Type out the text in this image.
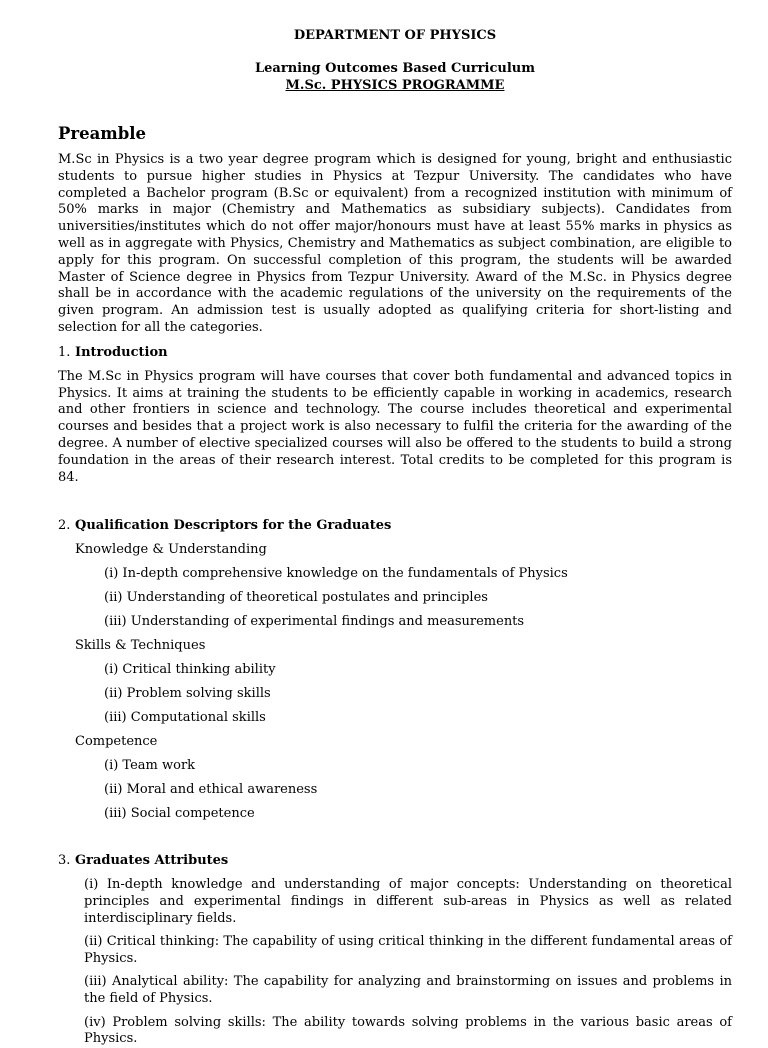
DEPARTMENT OF PHYSICS
Learning Outcomes Based Curriculum
M.Sc. PHYSICS PROGRAMME
Preamble
M.Sc in Physics is a two year degree program which is designed for young, bright and enthusiastic students to pursue higher studies in Physics at Tezpur University. The candidates who have completed a Bachelor program (B.Sc or equivalent) from a recognized institution with minimum of 50% marks in major (Chemistry and Mathematics as subsidiary subjects). Candidates from universities/institutes which do not offer major/honours must have at least 55% marks in physics as well as in aggregate with Physics, Chemistry and Mathematics as subject combination, are eligible to apply for this program. On successful completion of this program, the students will be awarded Master of Science degree in Physics from Tezpur University. Award of the M.Sc. in Physics degree shall be in accordance with the academic regulations of the university on the requirements of the given program. An admission test is usually adopted as qualifying criteria for short-listing and selection for all the categories.
1. Introduction
The M.Sc in Physics program will have courses that cover both fundamental and advanced topics in Physics. It aims at training the students to be efficiently capable in working in academics, research and other frontiers in science and technology. The course includes theoretical and experimental courses and besides that a project work is also necessary to fulfil the criteria for the awarding of the degree. A number of elective specialized courses will also be offered to the students to build a strong foundation in the areas of their research interest. Total credits to be completed for this program is 84.
2. Qualification Descriptors for the Graduates
Knowledge & Understanding
(i) In-depth comprehensive knowledge on the fundamentals of Physics
(ii) Understanding of theoretical postulates and principles
(iii) Understanding of experimental findings and measurements
Skills & Techniques
(i) Critical thinking ability
(ii) Problem solving skills
(iii) Computational skills
Competence
(i) Team work
(ii) Moral and ethical awareness
(iii) Social competence
3. Graduates Attributes
(i) In-depth knowledge and understanding of major concepts: Understanding on theoretical principles and experimental findings in different sub-areas in Physics as well as related interdisciplinary fields.
(ii) Critical thinking: The capability of using critical thinking in the different fundamental areas of Physics.
(iii) Analytical ability: The capability for analyzing and brainstorming on issues and problems in the field of Physics.
(iv) Problem solving skills: The ability towards solving problems in the various basic areas of Physics.
